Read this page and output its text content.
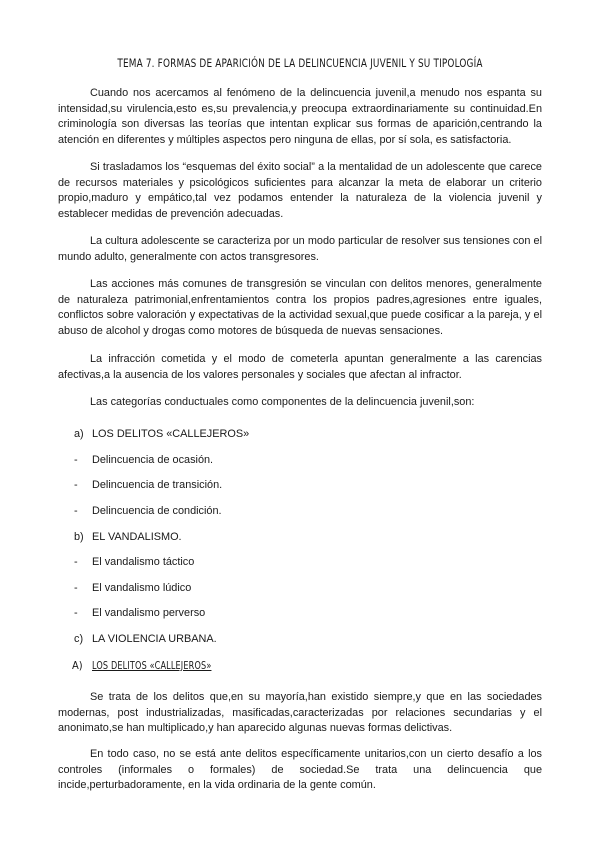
TEMA 7. FORMAS DE APARICIÓN DE LA DELINCUENCIA JUVENIL Y SU TIPOLOGÍA

Cuando nos acercamos al fenómeno de la delincuencia juvenil,a menudo nos espanta su intensidad,su virulencia,esto es,su prevalencia,y preocupa extraordinariamente su continuidad.En criminología son diversas las teorías que intentan explicar sus formas de aparición,centrando la atención en diferentes y múltiples aspectos pero ninguna de ellas, por sí sola, es satisfactoria.

Si trasladamos los “esquemas del éxito social” a la mentalidad de un adolescente que carece de recursos materiales y psicológicos suficientes para alcanzar la meta de elaborar un criterio propio,maduro y empático,tal vez podamos entender la naturaleza de la violencia juvenil y establecer medidas de prevención adecuadas.

La cultura adolescente se caracteriza por un modo particular de resolver sus tensiones con el mundo adulto, generalmente con actos transgresores.

Las acciones más comunes de transgresión se vinculan con delitos menores, generalmente de naturaleza patrimonial,enfrentamientos contra los propios padres,agresiones entre iguales, conflictos sobre valoración y expectativas de la actividad sexual,que puede cosificar a la pareja, y el abuso de alcohol y drogas como motores de búsqueda de nuevas sensaciones.

La infracción cometida y el modo de cometerla apuntan generalmente a las carencias afectivas,a la ausencia de los valores personales y sociales que afectan al infractor.

Las categorías conductuales como componentes de la delincuencia juvenil,son:

a) LOS DELITOS «CALLEJEROS»
- Delincuencia de ocasión.
- Delincuencia de transición.
- Delincuencia de condición.
b) EL VANDALISMO.
- El vandalismo táctico
- El vandalismo lúdico
- El vandalismo perverso
c) LA VIOLENCIA URBANA.
A) LOS DELITOS «CALLEJEROS»

Se trata de los delitos que,en su mayoría,han existido siempre,y que en las sociedades modernas, post industrializadas, masificadas,caracterizadas por relaciones secundarias y el anonimato,se han multiplicado,y han aparecido algunas nuevas formas delictivas.

En todo caso, no se está ante delitos específicamente unitarios,con un cierto desafío a los controles (informales o formales) de sociedad.Se trata una delincuencia que incide,perturbadoramente, en la vida ordinaria de la gente común.
